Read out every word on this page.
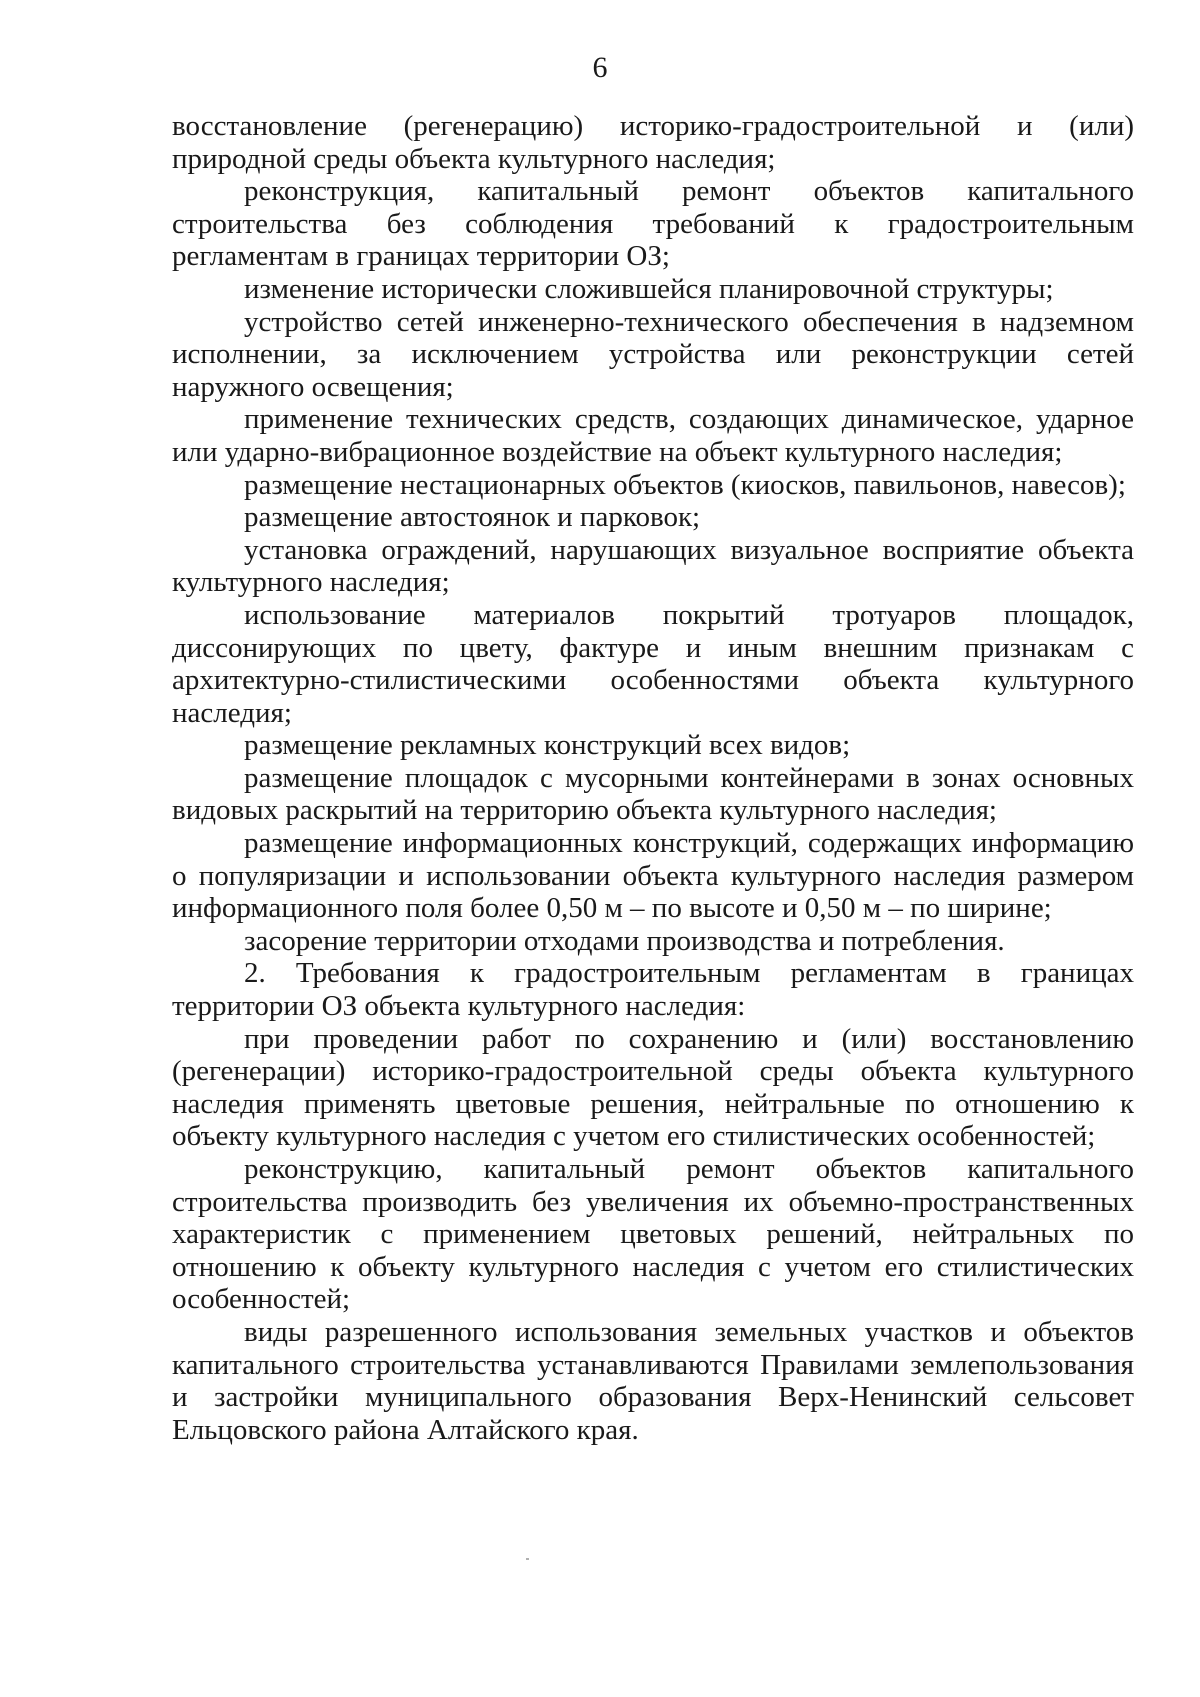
6

восстановление (регенерацию) историко-градостроительной и (или) природной среды объекта культурного наследия;

реконструкция, капитальный ремонт объектов капитального строительства без соблюдения требований к градостроительным регламентам в границах территории ОЗ;

изменение исторически сложившейся планировочной структуры;

устройство сетей инженерно-технического обеспечения в надземном исполнении, за исключением устройства или реконструкции сетей наружного освещения;

применение технических средств, создающих динамическое, ударное или ударно-вибрационное воздействие на объект культурного наследия;

размещение нестационарных объектов (киосков, павильонов, навесов);

размещение автостоянок и парковок;

установка ограждений, нарушающих визуальное восприятие объекта культурного наследия;

использование материалов покрытий тротуаров площадок, диссонирующих по цвету, фактуре и иным внешним признакам с архитектурно-стилистическими особенностями объекта культурного наследия;

размещение рекламных конструкций всех видов;

размещение площадок с мусорными контейнерами в зонах основных видовых раскрытий на территорию объекта культурного наследия;

размещение информационных конструкций, содержащих информацию о популяризации и использовании объекта культурного наследия размером информационного поля более 0,50 м – по высоте и 0,50 м – по ширине;

засорение территории отходами производства и потребления.

2. Требования к градостроительным регламентам в границах территории ОЗ объекта культурного наследия:

при проведении работ по сохранению и (или) восстановлению (регенерации) историко-градостроительной среды объекта культурного наследия применять цветовые решения, нейтральные по отношению к объекту культурного наследия с учетом его стилистических особенностей;

реконструкцию, капитальный ремонт объектов капитального строительства производить без увеличения их объемно-пространственных характеристик с применением цветовых решений, нейтральных по отношению к объекту культурного наследия с учетом его стилистических особенностей;

виды разрешенного использования земельных участков и объектов капитального строительства устанавливаются Правилами землепользования и застройки муниципального образования Верх-Ненинский сельсовет Ельцовского района Алтайского края.
